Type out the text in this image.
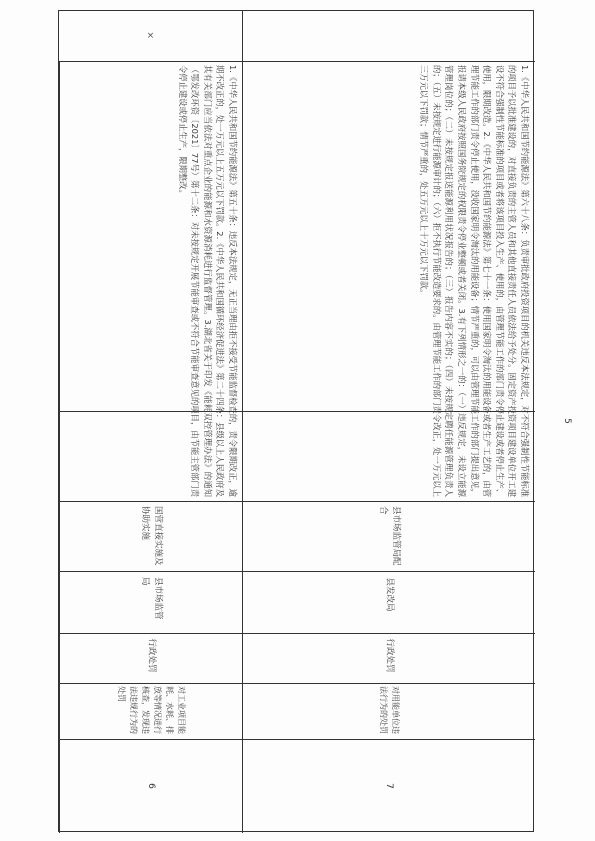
1.《中华人民共和国节约能源法》第五十条：违反本法规定，无正当理由拒不接受节能监督检查的，责令限期改正，逾期不改正的，处一万元以上五万元以下罚款。2.《中华人民共和国循环经济促进法》第二十四条：县级以上人民政府及其有关部门应当依法对重点企业的能源和水资源消耗进行监督管理。3.湖北省关于印发《能耗双控管理办法》的通知（鄂发改环资〔2021〕77号）第十二条：对未按规定开展节能审查或不符合节能审查意见的项目，由节能主管部门责令停止建设或停止生产，限期整改。
国营直接实施及协助实施
县市场监管局
行政处罚
对工业项目能耗、水耗、排放等情况进行核查，发现违法违规行为的处罚
6
1.《中华人民共和国节约能源法》第六十八条：负责审批政府投资项目的机关违反本法规定，对不符合强制性节能标准的项目予以批准建设的，对直接负责的主管人员和其他直接责任人员依法给予处分。固定资产投资项目建设单位开工建设不符合强制性节能标准的项目或者将该项目投入生产、使用的，由管理节能工作的部门责令停止建设或者停止生产、使用，限期改造。2.《中华人民共和国节约能源法》第七十一条：使用国家明令淘汰的用能设备或者生产工艺的，由管理节能工作的部门责令停止使用，没收国家明令淘汰的用能设备；情节严重的，可以由管理节能工作的部门提出意见，报请本级人民政府按照国务院规定的权限责令停业整顿或者关闭。3.有下列情形之一的：（一）违反规定，未设立能源管理岗位的；（二）未按规定报送能源利用状况报告的；（三）报告内容不实的；（四）未按规定聘任能源管理负责人的；（五）未按规定进行能源审计的；（六）拒不执行节能改造要求的。由管理节能工作的部门责令改正，处一万元以上三万元以下罚款；情节严重的，处五万元以上十万元以下罚款。
县市场监管局配合
县发改局
行政处罚
对用能单位违法行为的处罚
7
×
5
